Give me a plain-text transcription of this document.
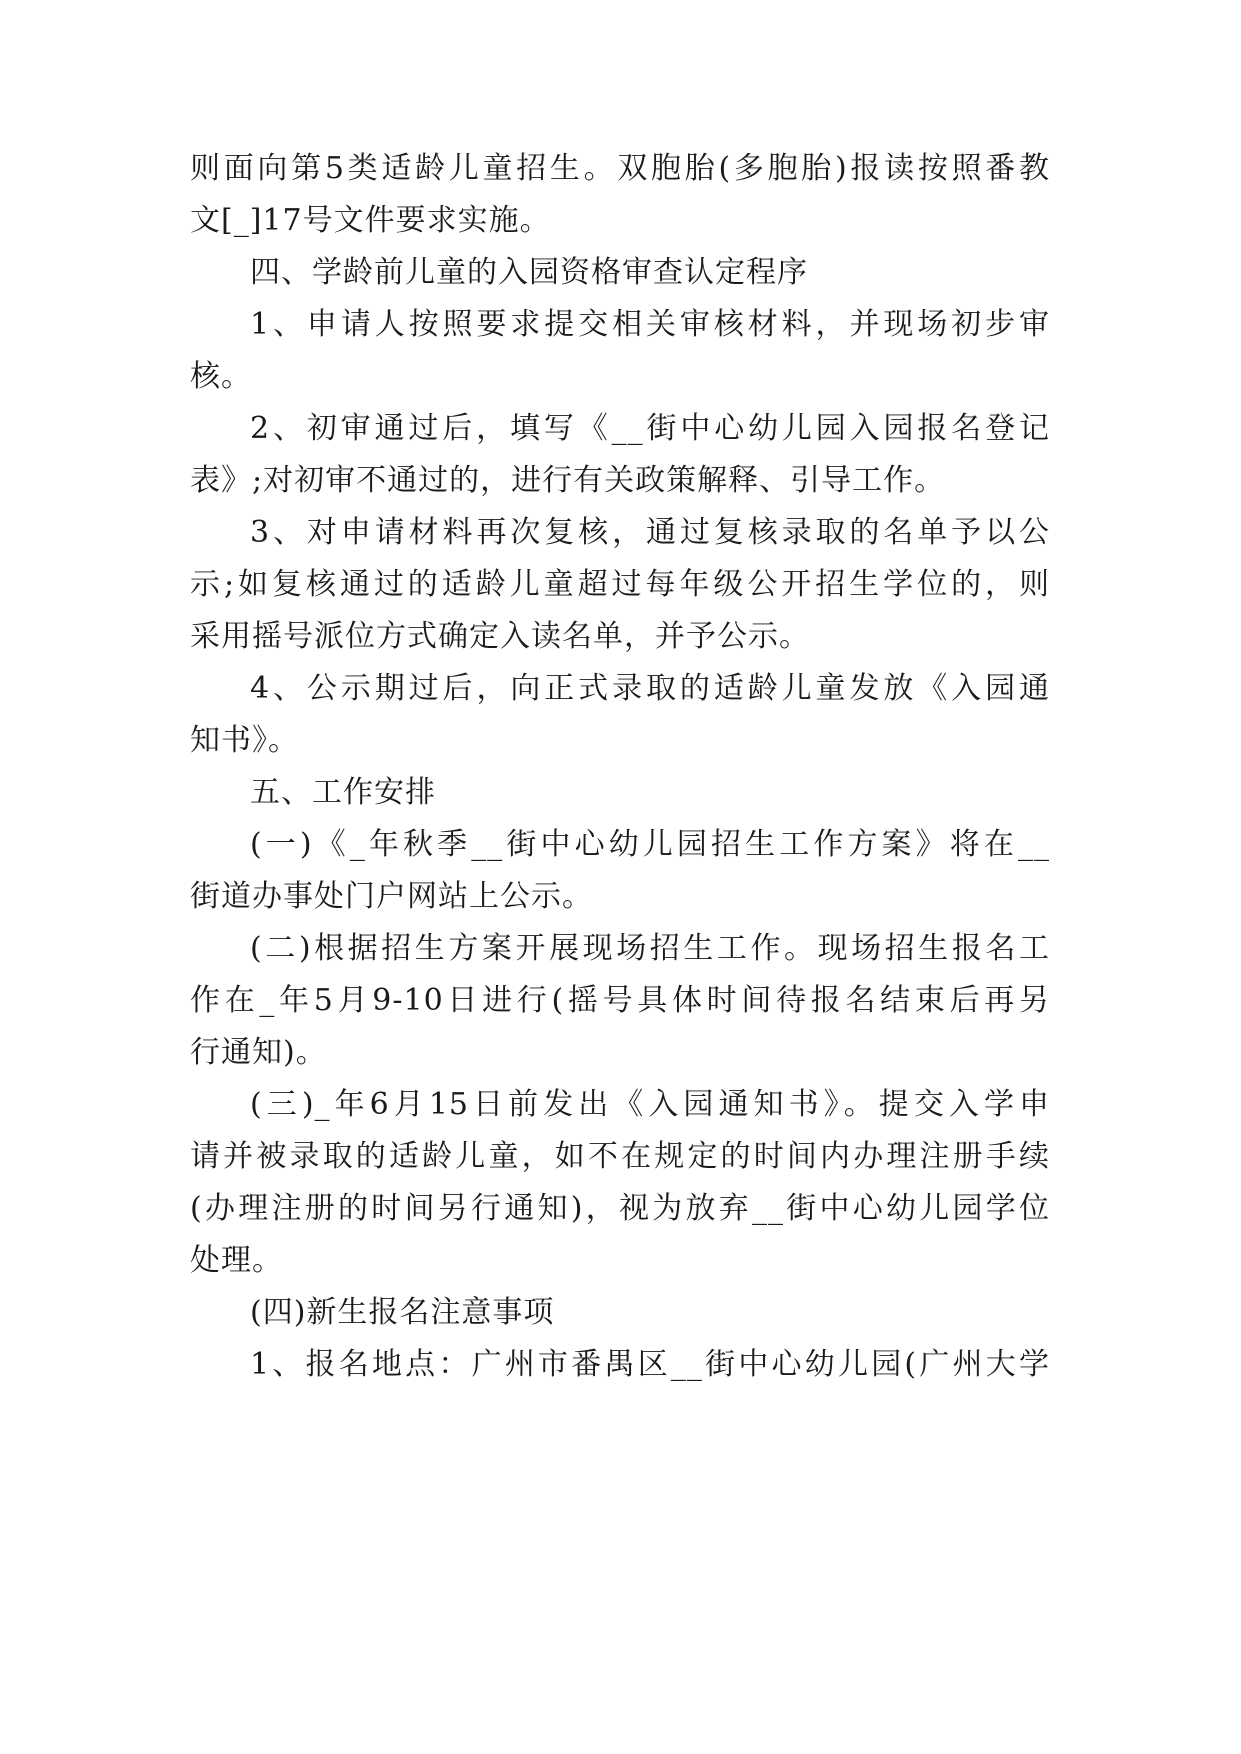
则面向第5类适龄儿童招生。双胞胎(多胞胎)报读按照番教
文[_]17号文件要求实施。
四、学龄前儿童的入园资格审查认定程序
1、申请人按照要求提交相关审核材料，并现场初步审
核。
2、初审通过后，填写《__街中心幼儿园入园报名登记
表》;对初审不通过的，进行有关政策解释、引导工作。
3、对申请材料再次复核，通过复核录取的名单予以公
示;如复核通过的适龄儿童超过每年级公开招生学位的，则
采用摇号派位方式确定入读名单，并予公示。
4、公示期过后，向正式录取的适龄儿童发放《入园通
知书》。
五、工作安排
(一)《_年秋季__街中心幼儿园招生工作方案》将在__
街道办事处门户网站上公示。
(二)根据招生方案开展现场招生工作。现场招生报名工
作在_年5月9-10日进行(摇号具体时间待报名结束后再另
行通知)。
(三)_年6月15日前发出《入园通知书》。提交入学申
请并被录取的适龄儿童，如不在规定的时间内办理注册手续
(办理注册的时间另行通知)，视为放弃__街中心幼儿园学位
处理。
(四)新生报名注意事项
1、报名地点：广州市番禺区__街中心幼儿园(广州大学
